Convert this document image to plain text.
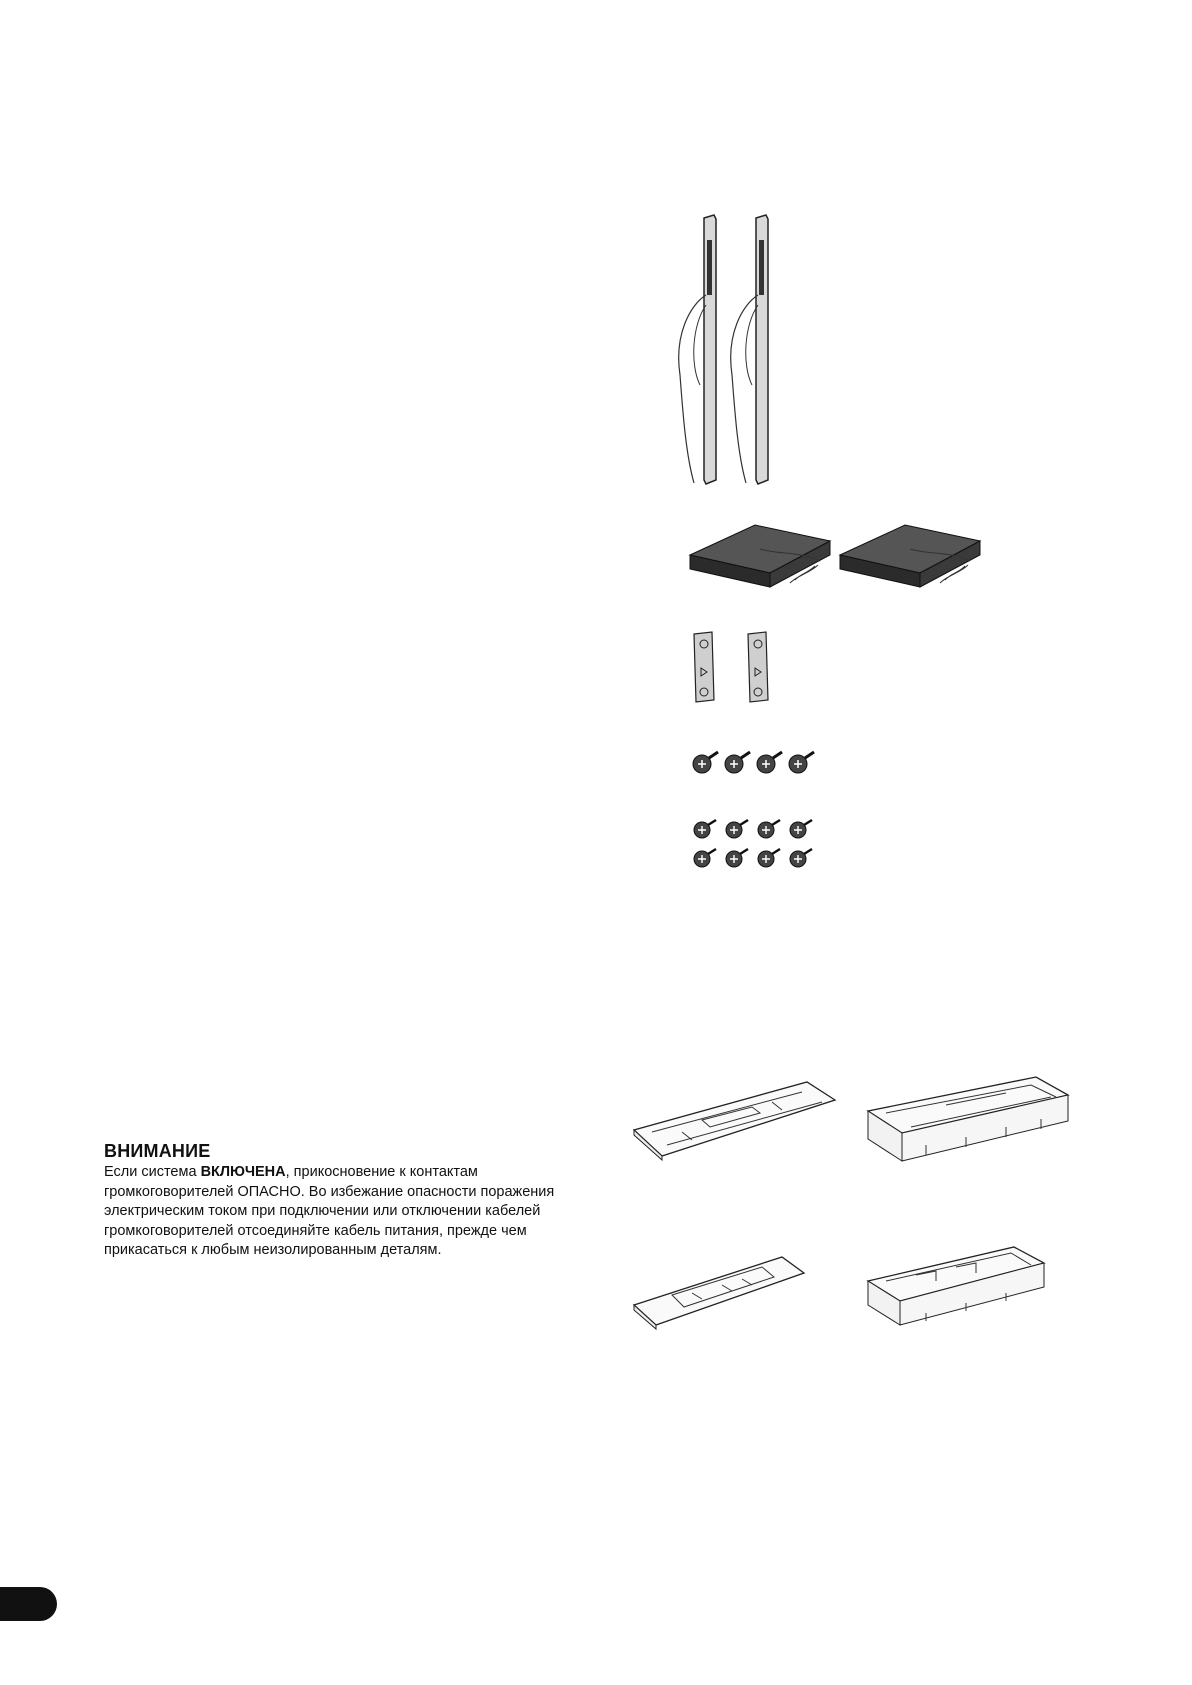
ВНИМАНИЕ

Если система ВКЛЮЧЕНА, прикосновение к контактам громкоговорителей ОПАСНО. Во избежание опасности поражения электрическим током при подключении или отключении кабелей громкоговорителей отсоединяйте кабель питания, прежде чем прикасаться к любым неизолированным деталям.
